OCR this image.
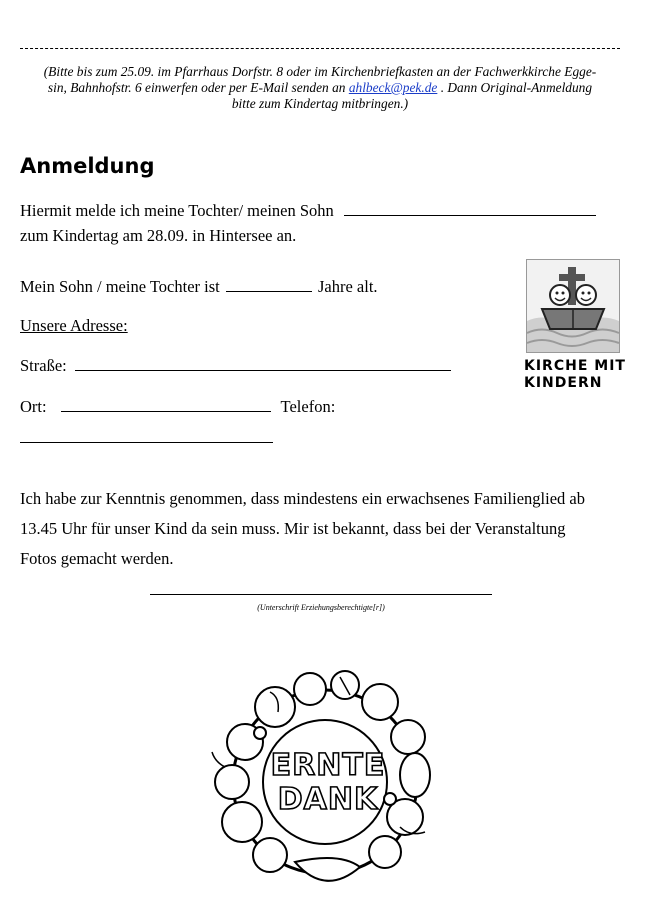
(Bitte bis zum 25.09. im Pfarrhaus Dorfstr. 8 oder im Kirchenbriefkasten an der Fachwerkkirche Egge-
sin, Bahnhofstr. 6 einwerfen oder per E-Mail senden an ahlbeck@pek.de . Dann Original-Anmeldung
bitte zum Kindertag mitbringen.)
Anmeldung
Hiermit melde ich meine Tochter/ meinen Sohn
zum Kindertag am 28.09. in Hintersee an.
Mein Sohn / meine Tochter ist	Jahre alt.
Unsere Adresse:
Straße:
Ort:	Telefon:
Ich habe zur Kenntnis genommen, dass mindestens ein erwachsenes Familienglied ab
13.45 Uhr für unser Kind da sein muss. Mir ist bekannt, dass bei der Veranstaltung
Fotos gemacht werden.
(Unterschrift Erziehungsberechtigte[r])
KIRCHE MIT
KINDERN
ERNTE
DANK
